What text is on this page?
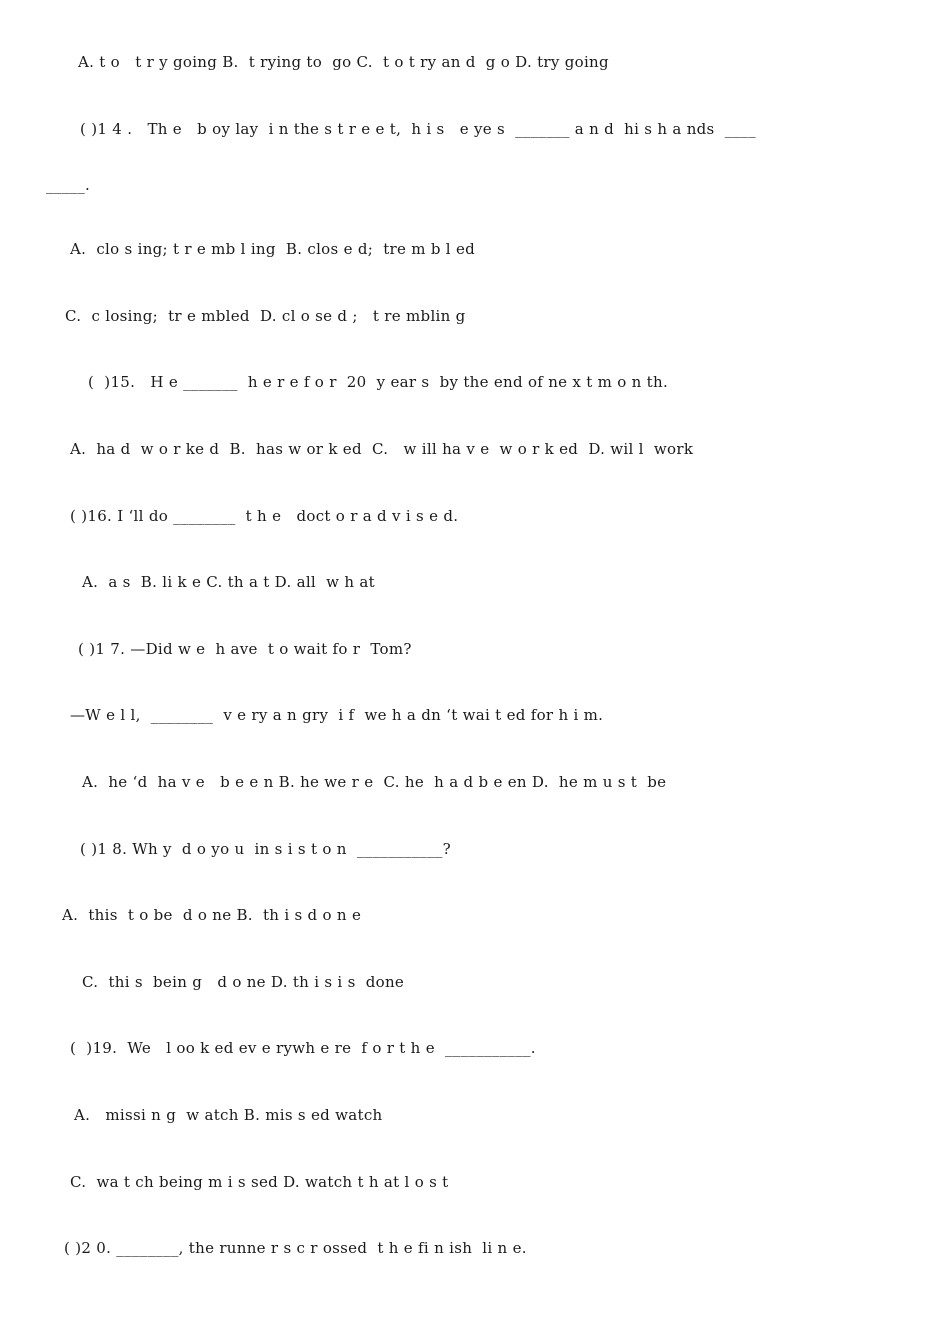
A. t o   t r y going B.  t rying to  go C.  t o t ry an d  g o D. try going
( )1 4 .   Th e   b oy lay  i n the s t r e e t,  h i s   e ye s  _______ a n d  hi s h a nds  ____
_____.
A.  clo s ing; t r e mb l ing  B. clos e d;  tre m b l ed
C.  c losing;  tr e mbled  D. cl o se d ;   t re mblin g
(  )15.   H e _______  h e r e f o r  20  y ear s  by the end of ne x t m o n th.
A.  ha d  w o r ke d  B.  has w or k ed  C.   w ill ha v e  w o r k ed  D. wil l  work
( )16. I ‘ll do ________  t h e   doct o r a d v i s e d.
A.  a s  B. li k e C. th a t D. all  w h at
( )1 7. —Did w e  h ave  t o wait fo r  Tom?
—W e l l,  ________  v e ry a n gry  i f  we h a dn ‘t wai t ed for h i m.
A.  he ‘d  ha v e   b e e n B. he we r e  C. he  h a d b e en D.  he m u s t  be
( )1 8. Wh y  d o yo u  in s i s t o n  ___________?
A.  this  t o be  d o ne B.  th i s d o n e
C.  thi s  bein g   d o ne D. th i s i s  done
(  )19.  We   l oo k ed ev e rywh e re  f o r t h e  ___________.
A.   missi n g  w atch B. mis s ed watch
C.  wa t ch being m i s sed D. watch t h at l o s t
( )2 0. ________, the runne r s c r ossed  t h e fi n ish  li n e.
